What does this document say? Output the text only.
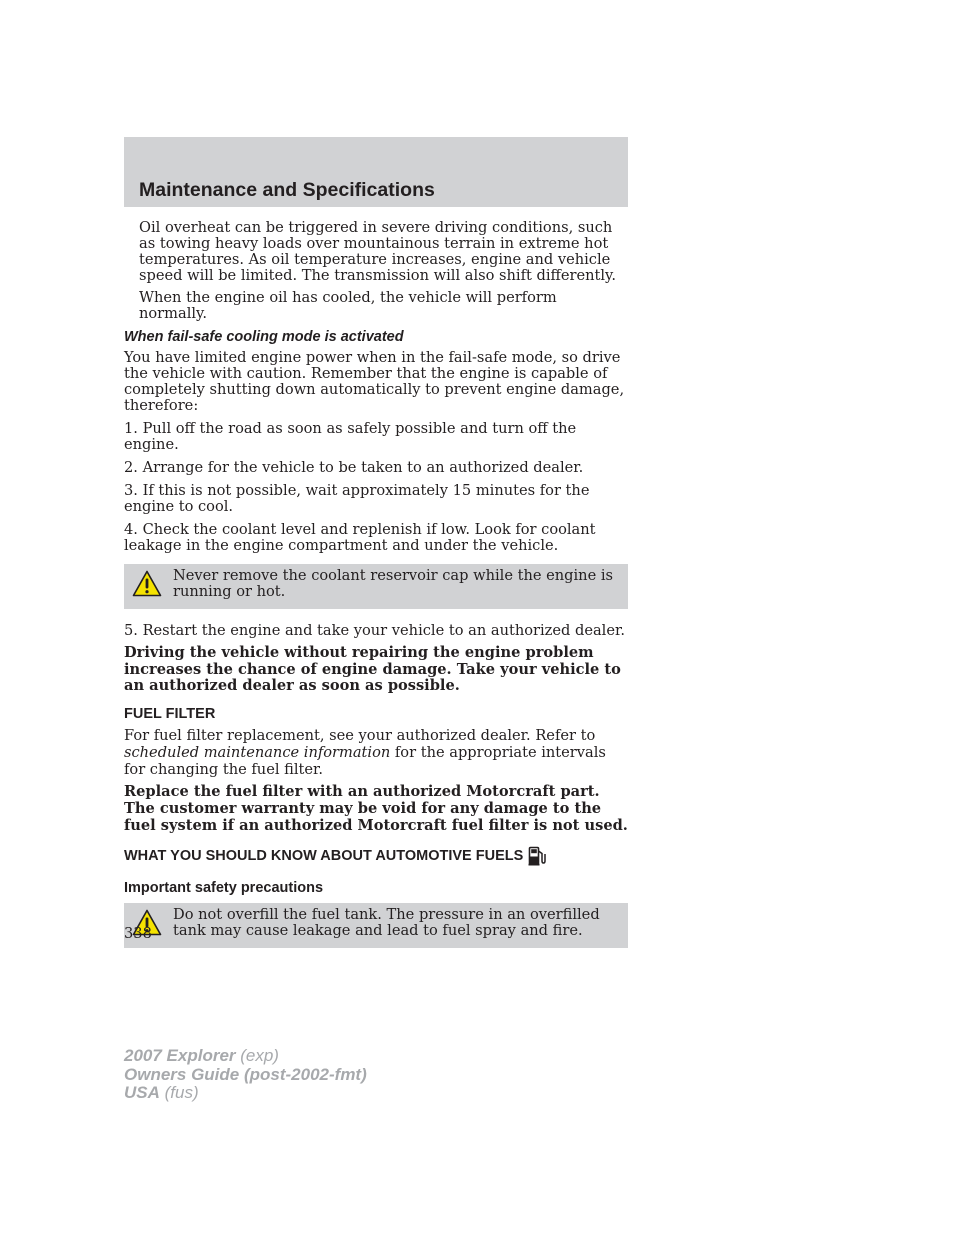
Maintenance and Specifications

Oil overheat can be triggered in severe driving conditions, such as towing heavy loads over mountainous terrain in extreme hot temperatures. As oil temperature increases, engine and vehicle speed will be limited. The transmission will also shift differently.

When the engine oil has cooled, the vehicle will perform normally.

When fail-safe cooling mode is activated

You have limited engine power when in the fail-safe mode, so drive the vehicle with caution. Remember that the engine is capable of completely shutting down automatically to prevent engine damage, therefore:

1. Pull off the road as soon as safely possible and turn off the engine.

2. Arrange for the vehicle to be taken to an authorized dealer.

3. If this is not possible, wait approximately 15 minutes for the engine to cool.

4. Check the coolant level and replenish if low. Look for coolant leakage in the engine compartment and under the vehicle.

Never remove the coolant reservoir cap while the engine is running or hot.

5. Restart the engine and take your vehicle to an authorized dealer.

Driving the vehicle without repairing the engine problem increases the chance of engine damage. Take your vehicle to an authorized dealer as soon as possible.

FUEL FILTER

For fuel filter replacement, see your authorized dealer. Refer to scheduled maintenance information for the appropriate intervals for changing the fuel filter.

Replace the fuel filter with an authorized Motorcraft part. The customer warranty may be void for any damage to the fuel system if an authorized Motorcraft fuel filter is not used.

WHAT YOU SHOULD KNOW ABOUT AUTOMOTIVE FUELS
Important safety precautions

Do not overfill the fuel tank. The pressure in an overfilled tank may cause leakage and lead to fuel spray and fire.

338

2007 Explorer (exp)
Owners Guide (post-2002-fmt)
USA (fus)
